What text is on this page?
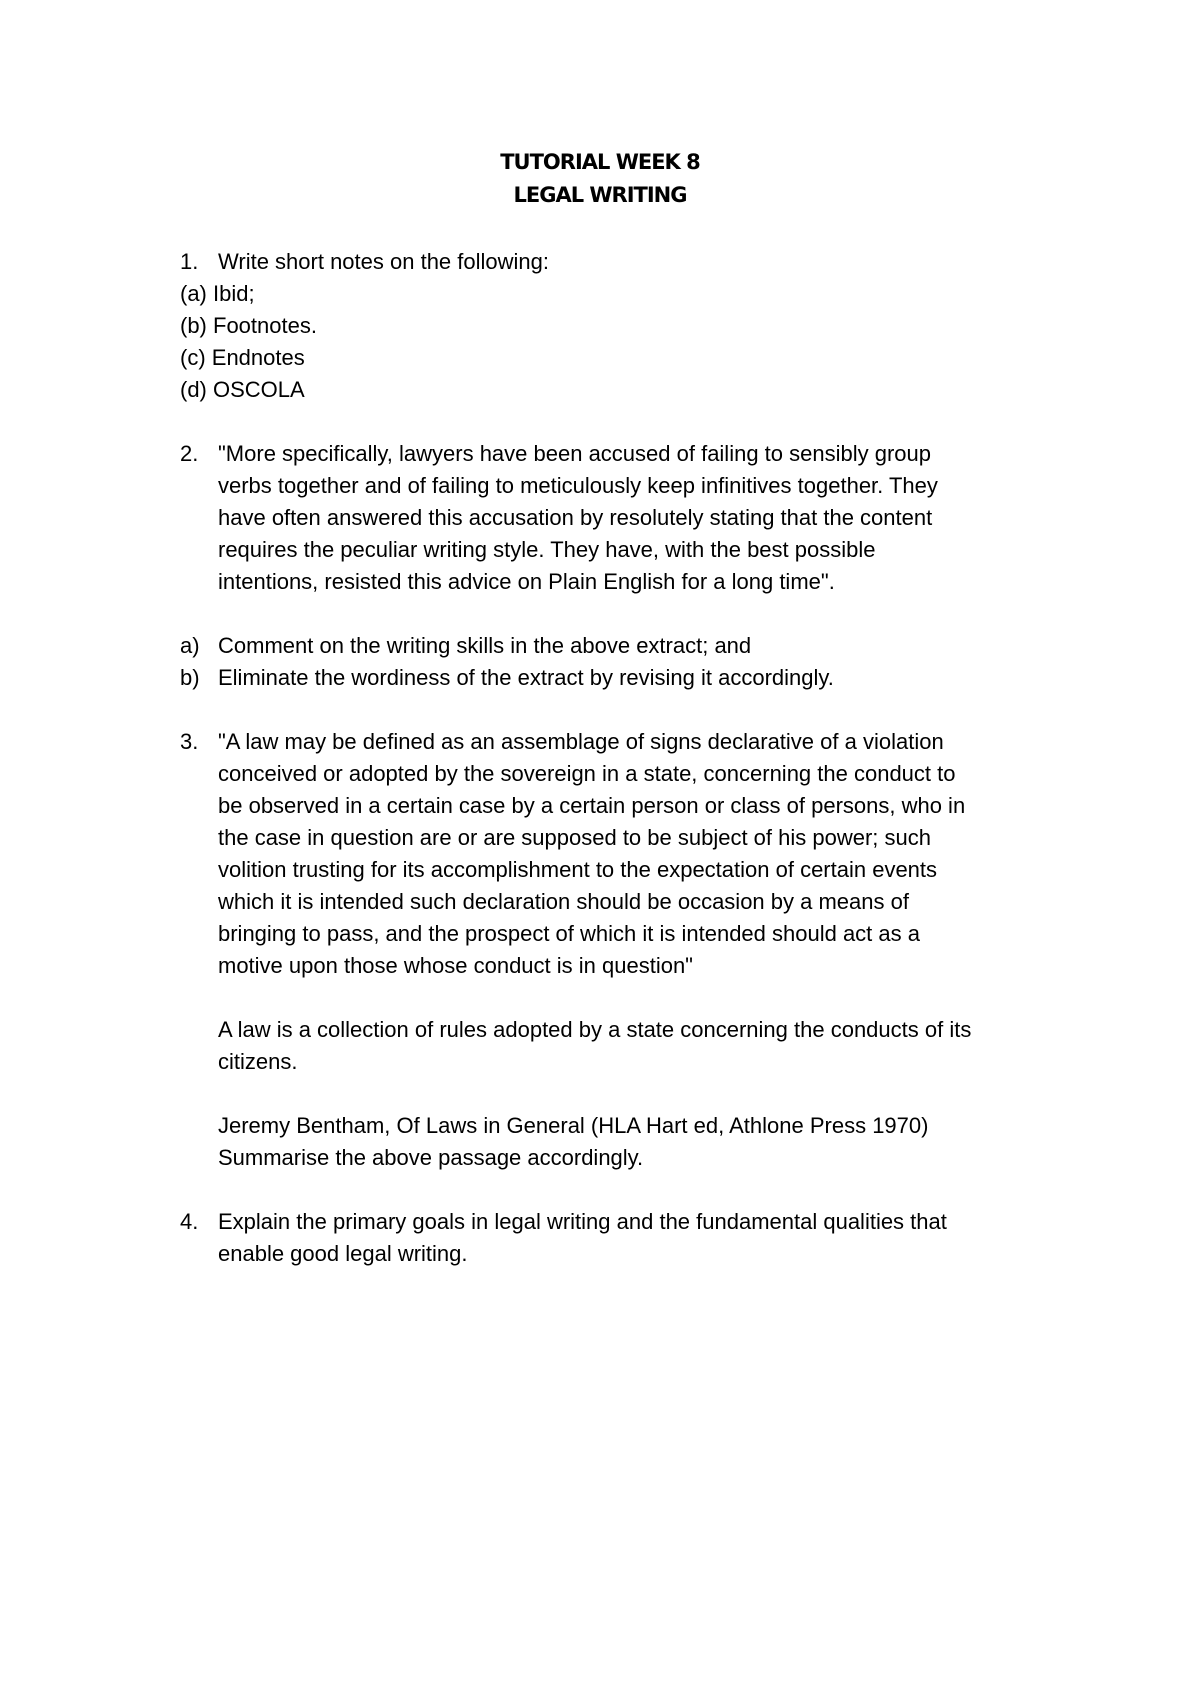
TUTORIAL WEEK 8
LEGAL WRITING
1. Write short notes on the following:
(a) Ibid;
(b) Footnotes.
(c) Endnotes
(d) OSCOLA
2. "More specifically, lawyers have been accused of failing to sensibly group
verbs together and of failing to meticulously keep infinitives together. They
have often answered this accusation by resolutely stating that the content
requires the peculiar writing style. They have, with the best possible
intentions, resisted this advice on Plain English for a long time".
a) Comment on the writing skills in the above extract; and
b) Eliminate the wordiness of the extract by revising it accordingly.
3. "A law may be defined as an assemblage of signs declarative of a violation
conceived or adopted by the sovereign in a state, concerning the conduct to
be observed in a certain case by a certain person or class of persons, who in
the case in question are or are supposed to be subject of his power; such
volition trusting for its accomplishment to the expectation of certain events
which it is intended such declaration should be occasion by a means of
bringing to pass, and the prospect of which it is intended should act as a
motive upon those whose conduct is in question"
A law is a collection of rules adopted by a state concerning the conducts of its
citizens.
Jeremy Bentham, Of Laws in General (HLA Hart ed, Athlone Press 1970)
Summarise the above passage accordingly.
4. Explain the primary goals in legal writing and the fundamental qualities that
enable good legal writing.
